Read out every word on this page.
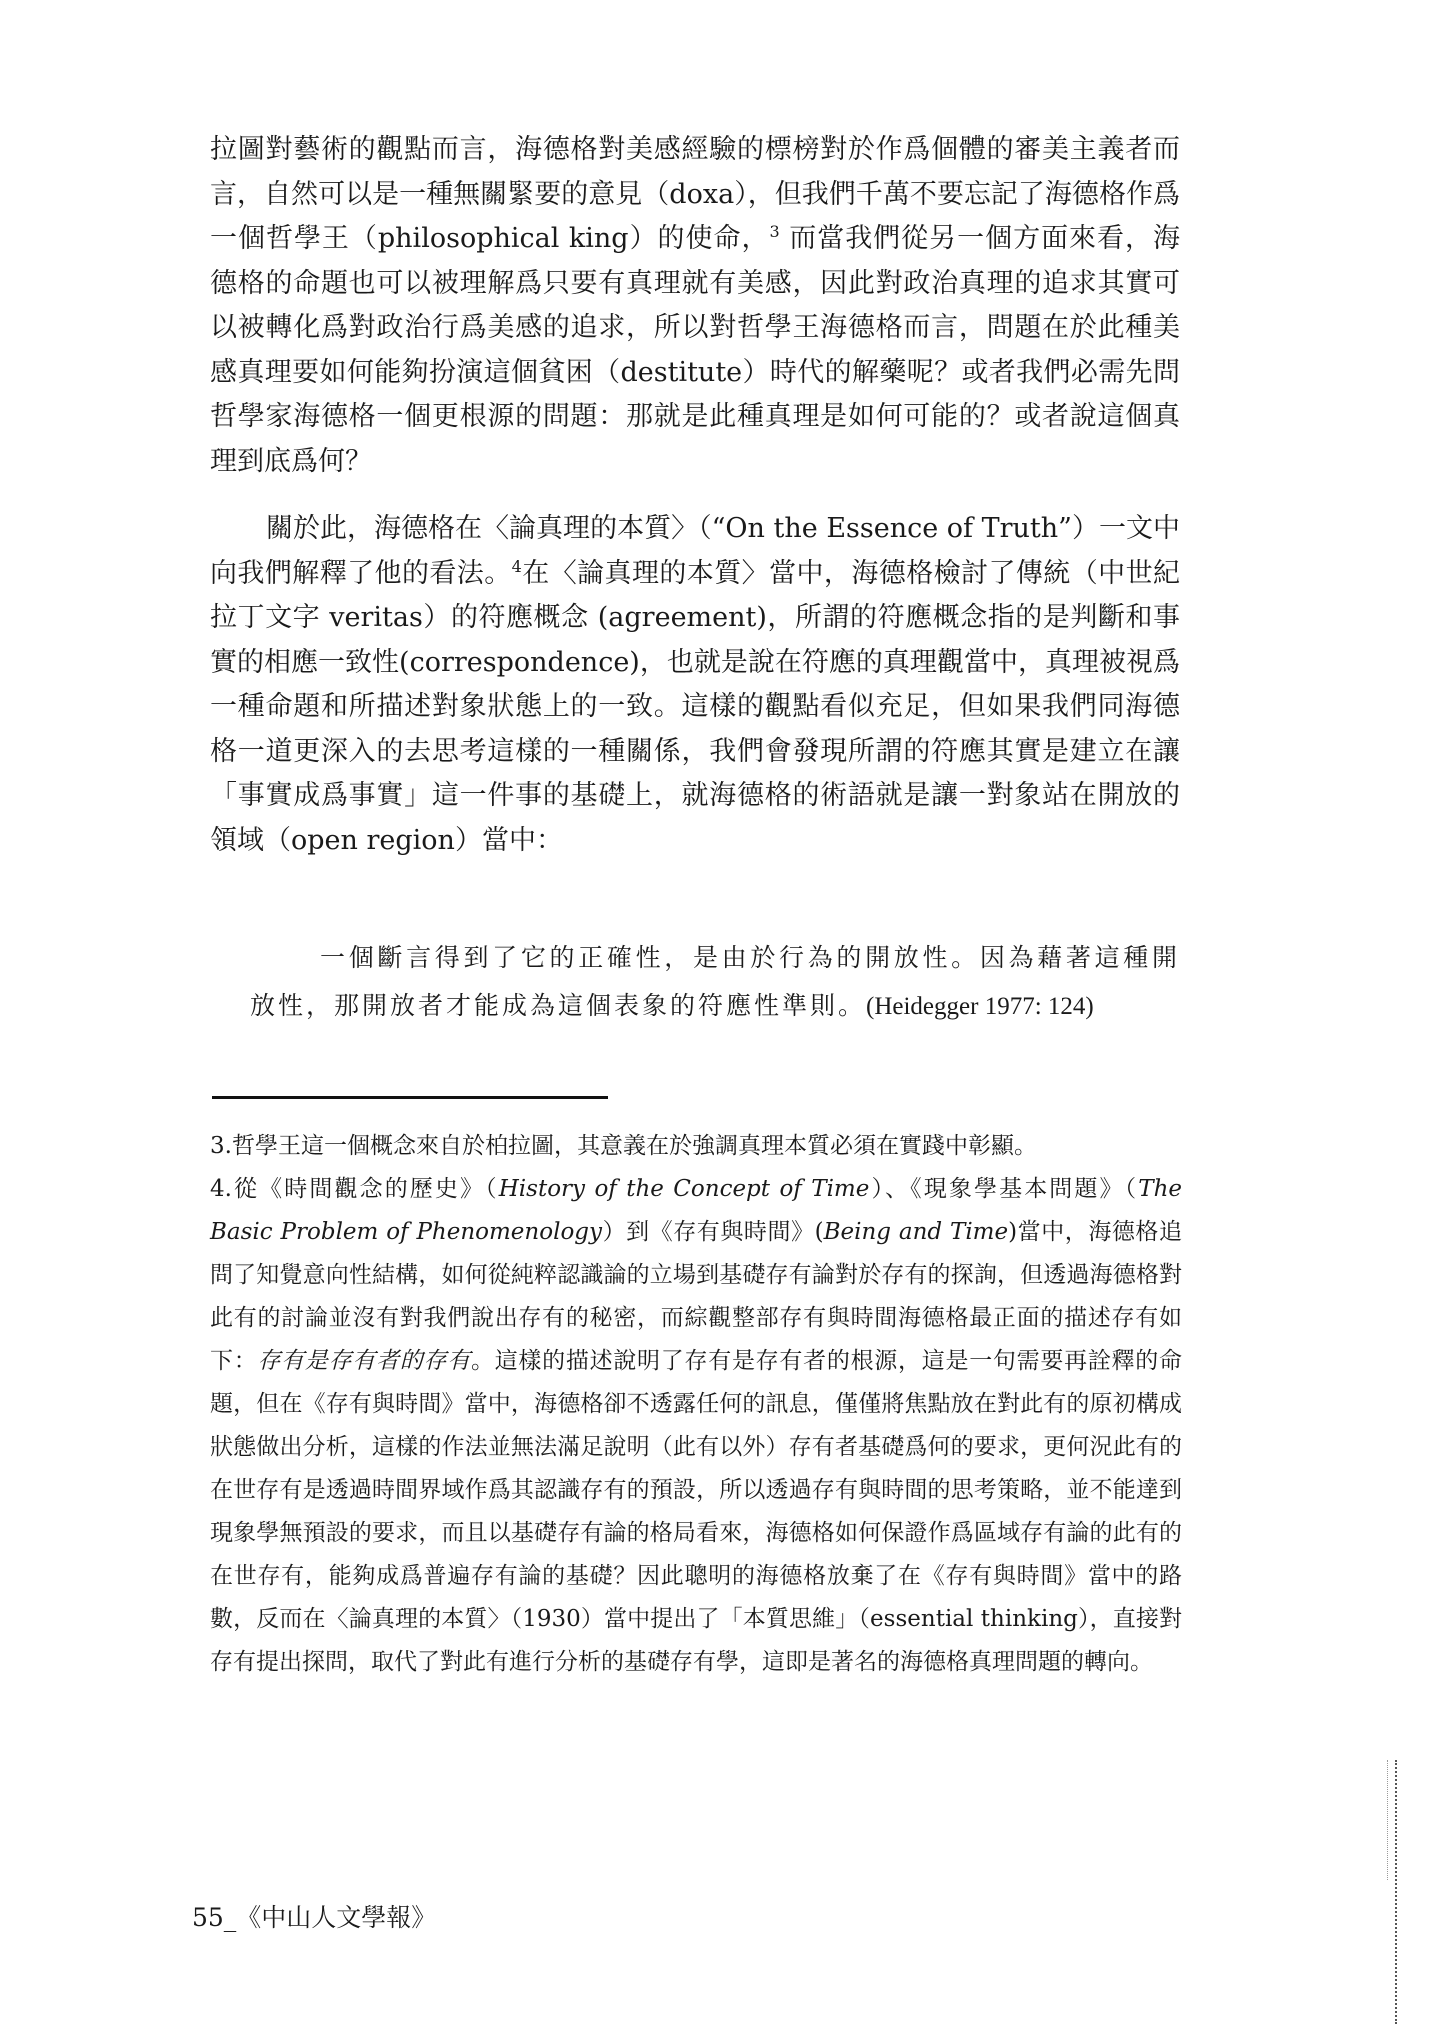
拉圖對藝術的觀點而言，海德格對美感經驗的標榜對於作爲個體的審美主義者而言，自然可以是一種無關緊要的意見（doxa），但我們千萬不要忘記了海德格作爲一個哲學王（philosophical king）的使命，$^3$ 而當我們從另一個方面來看，海德格的命題也可以被理解爲只要有真理就有美感，因此對政治真理的追求其實可以被轉化爲對政治行爲美感的追求，所以對哲學王海德格而言，問題在於此種美感真理要如何能夠扮演這個貧困（destitute）時代的解藥呢？或者我們必需先問哲學家海德格一個更根源的問題：那就是此種真理是如何可能的？或者說這個真理到底爲何？

關於此，海德格在〈論真理的本質〉（“On the Essence of Truth”）一文中向我們解釋了他的看法。$^4$在〈論真理的本質〉當中，海德格檢討了傳統（中世紀拉丁文字 veritas）的符應概念 (agreement)，所謂的符應概念指的是判斷和事實的相應一致性(correspondence)，也就是說在符應的真理觀當中，真理被視爲一種命題和所描述對象狀態上的一致。這樣的觀點看似充足，但如果我們同海德格一道更深入的去思考這樣的一種關係，我們會發現所謂的符應其實是建立在讓「事實成爲事實」這一件事的基礎上，就海德格的術語就是讓一對象站在開放的領域（open region）當中：

一個斷言得到了它的正確性，是由於行為的開放性。因為藉著這種開放性，那開放者才能成為這個表象的符應性準則。(Heidegger 1977: 124)

3.哲學王這一個概念來自於柏拉圖，其意義在於強調真理本質必須在實踐中彰顯。

4.從《時間觀念的歷史》（History of the Concept of Time）、《現象學基本問題》（The Basic Problem of Phenomenology）到《存有與時間》(Being and Time)當中，海德格追問了知覺意向性結構，如何從純粹認識論的立場到基礎存有論對於存有的探詢，但透過海德格對此有的討論並沒有對我們說出存有的秘密，而綜觀整部存有與時間海德格最正面的描述存有如下：存有是存有者的存有。這樣的描述說明了存有是存有者的根源，這是一句需要再詮釋的命題，但在《存有與時間》當中，海德格卻不透露任何的訊息，僅僅將焦點放在對此有的原初構成狀態做出分析，這樣的作法並無法滿足說明（此有以外）存有者基礎爲何的要求，更何況此有的在世存有是透過時間界域作爲其認識存有的預設，所以透過存有與時間的思考策略，並不能達到現象學無預設的要求，而且以基礎存有論的格局看來，海德格如何保證作爲區域存有論的此有的在世存有，能夠成爲普遍存有論的基礎？因此聰明的海德格放棄了在《存有與時間》當中的路數，反而在〈論真理的本質〉（1930）當中提出了「本質思維」（essential thinking），直接對存有提出探問，取代了對此有進行分析的基礎存有學，這即是著名的海德格真理問題的轉向。

55_《中山人文學報》
